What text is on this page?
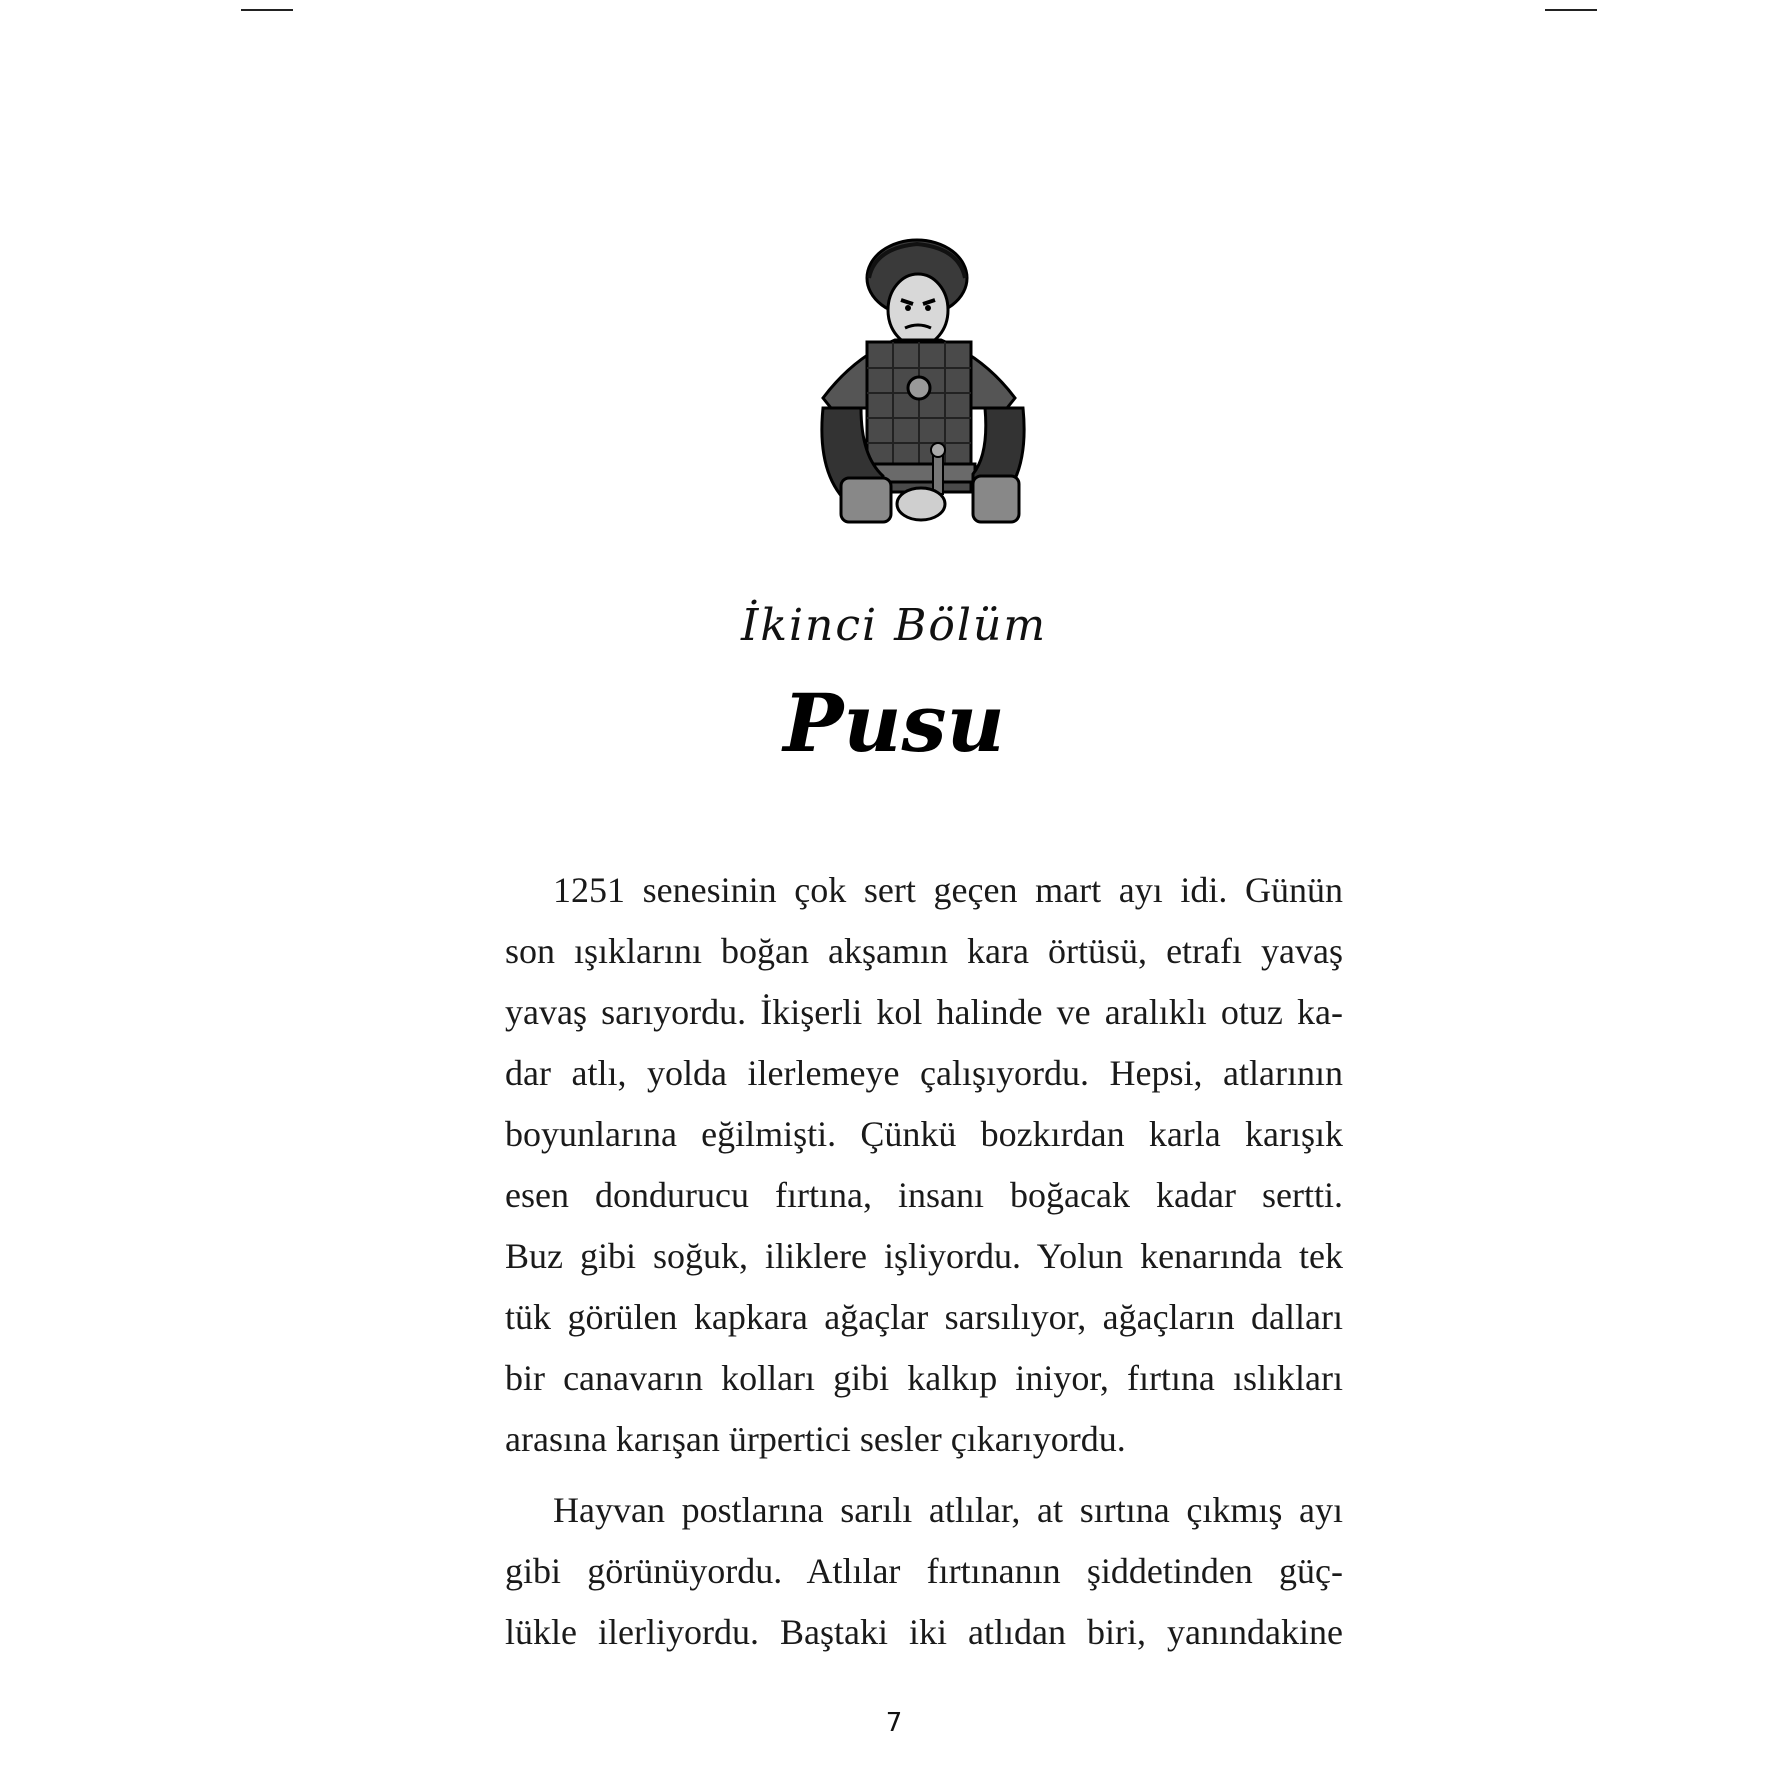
İkinci Bölüm
Pusu
1251 senesinin çok sert geçen mart ayı idi. Günün
son ışıklarını boğan akşamın kara örtüsü, etrafı yavaş
yavaş sarıyordu. İkişerli kol halinde ve aralıklı otuz ka-
dar atlı, yolda ilerlemeye çalışıyordu. Hepsi, atlarının
boyunlarına eğilmişti. Çünkü bozkırdan karla karışık
esen dondurucu fırtına, insanı boğacak kadar sertti.
Buz gibi soğuk, iliklere işliyordu. Yolun kenarında tek
tük görülen kapkara ağaçlar sarsılıyor, ağaçların dalları
bir canavarın kolları gibi kalkıp iniyor, fırtına ıslıkları
arasına karışan ürpertici sesler çıkarıyordu.
Hayvan postlarına sarılı atlılar, at sırtına çıkmış ayı
gibi görünüyordu. Atlılar fırtınanın şiddetinden güç-
lükle ilerliyordu. Baştaki iki atlıdan biri, yanındakine
7
